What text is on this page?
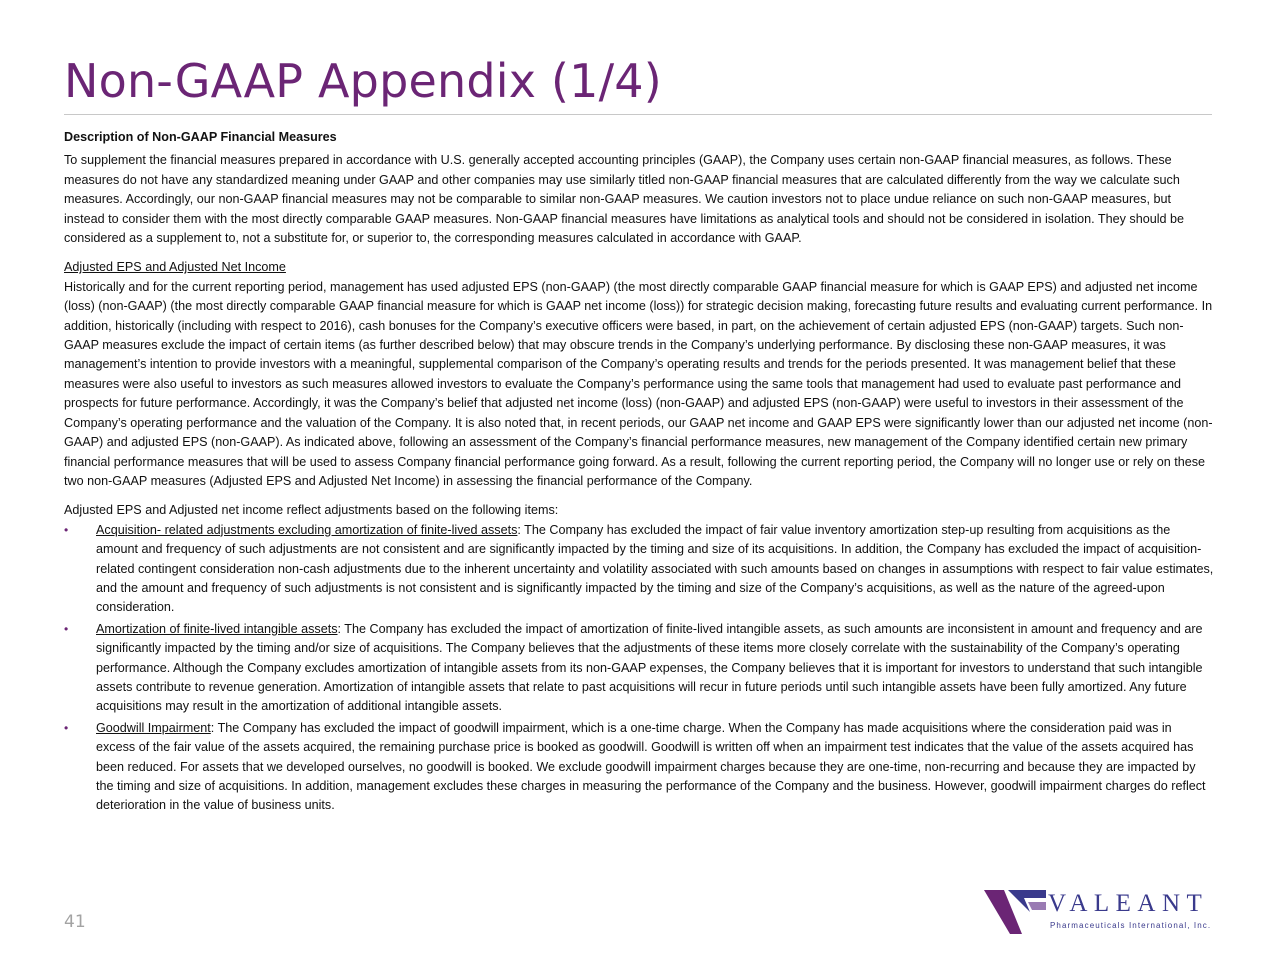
Non-GAAP Appendix (1/4)

Description of Non-GAAP Financial Measures

To supplement the financial measures prepared in accordance with U.S. generally accepted accounting principles (GAAP), the Company uses certain non-GAAP financial measures, as follows. These measures do not have any standardized meaning under GAAP and other companies may use similarly titled non-GAAP financial measures that are calculated differently from the way we calculate such measures. Accordingly, our non-GAAP financial measures may not be comparable to similar non-GAAP measures. We caution investors not to place undue reliance on such non-GAAP measures, but instead to consider them with the most directly comparable GAAP measures. Non-GAAP financial measures have limitations as analytical tools and should not be considered in isolation. They should be considered as a supplement to, not a substitute for, or superior to, the corresponding measures calculated in accordance with GAAP.

Adjusted EPS and Adjusted Net Income

Historically and for the current reporting period, management has used adjusted EPS (non-GAAP) (the most directly comparable GAAP financial measure for which is GAAP EPS) and adjusted net income (loss) (non-GAAP) (the most directly comparable GAAP financial measure for which is GAAP net income (loss)) for strategic decision making, forecasting future results and evaluating current performance. In addition, historically (including with respect to 2016), cash bonuses for the Company’s executive officers were based, in part, on the achievement of certain adjusted EPS (non-GAAP) targets. Such non-GAAP measures exclude the impact of certain items (as further described below) that may obscure trends in the Company’s underlying performance. By disclosing these non-GAAP measures, it was management’s intention to provide investors with a meaningful, supplemental comparison of the Company’s operating results and trends for the periods presented. It was management belief that these measures were also useful to investors as such measures allowed investors to evaluate the Company’s performance using the same tools that management had used to evaluate past performance and prospects for future performance. Accordingly, it was the Company’s belief that adjusted net income (loss) (non-GAAP) and adjusted EPS (non-GAAP) were useful to investors in their assessment of the Company’s operating performance and the valuation of the Company. It is also noted that, in recent periods, our GAAP net income and GAAP EPS were significantly lower than our adjusted net income (non-GAAP) and adjusted EPS (non-GAAP). As indicated above, following an assessment of the Company’s financial performance measures, new management of the Company identified certain new primary financial performance measures that will be used to assess Company financial performance going forward. As a result, following the current reporting period, the Company will no longer use or rely on these two non-GAAP measures (Adjusted EPS and Adjusted Net Income) in assessing the financial performance of the Company.

Adjusted EPS and Adjusted net income reflect adjustments based on the following items:

• Acquisition- related adjustments excluding amortization of finite-lived assets: The Company has excluded the impact of fair value inventory amortization step-up resulting from acquisitions as the amount and frequency of such adjustments are not consistent and are significantly impacted by the timing and size of its acquisitions. In addition, the Company has excluded the impact of acquisition-related contingent consideration non-cash adjustments due to the inherent uncertainty and volatility associated with such amounts based on changes in assumptions with respect to fair value estimates, and the amount and frequency of such adjustments is not consistent and is significantly impacted by the timing and size of the Company’s acquisitions, as well as the nature of the agreed-upon consideration.
• Amortization of finite-lived intangible assets: The Company has excluded the impact of amortization of finite-lived intangible assets, as such amounts are inconsistent in amount and frequency and are significantly impacted by the timing and/or size of acquisitions. The Company believes that the adjustments of these items more closely correlate with the sustainability of the Company’s operating performance. Although the Company excludes amortization of intangible assets from its non-GAAP expenses, the Company believes that it is important for investors to understand that such intangible assets contribute to revenue generation. Amortization of intangible assets that relate to past acquisitions will recur in future periods until such intangible assets have been fully amortized. Any future acquisitions may result in the amortization of additional intangible assets.
• Goodwill Impairment: The Company has excluded the impact of goodwill impairment, which is a one-time charge. When the Company has made acquisitions where the consideration paid was in excess of the fair value of the assets acquired, the remaining purchase price is booked as goodwill. Goodwill is written off when an impairment test indicates that the value of the assets acquired has been reduced. For assets that we developed ourselves, no goodwill is booked. We exclude goodwill impairment charges because they are one-time, non-recurring and because they are impacted by the timing and size of acquisitions. In addition, management excludes these charges in measuring the performance of the Company and the business. However, goodwill impairment charges do reflect deterioration in the value of business units.
41
VALEANT
Pharmaceuticals International, Inc.
